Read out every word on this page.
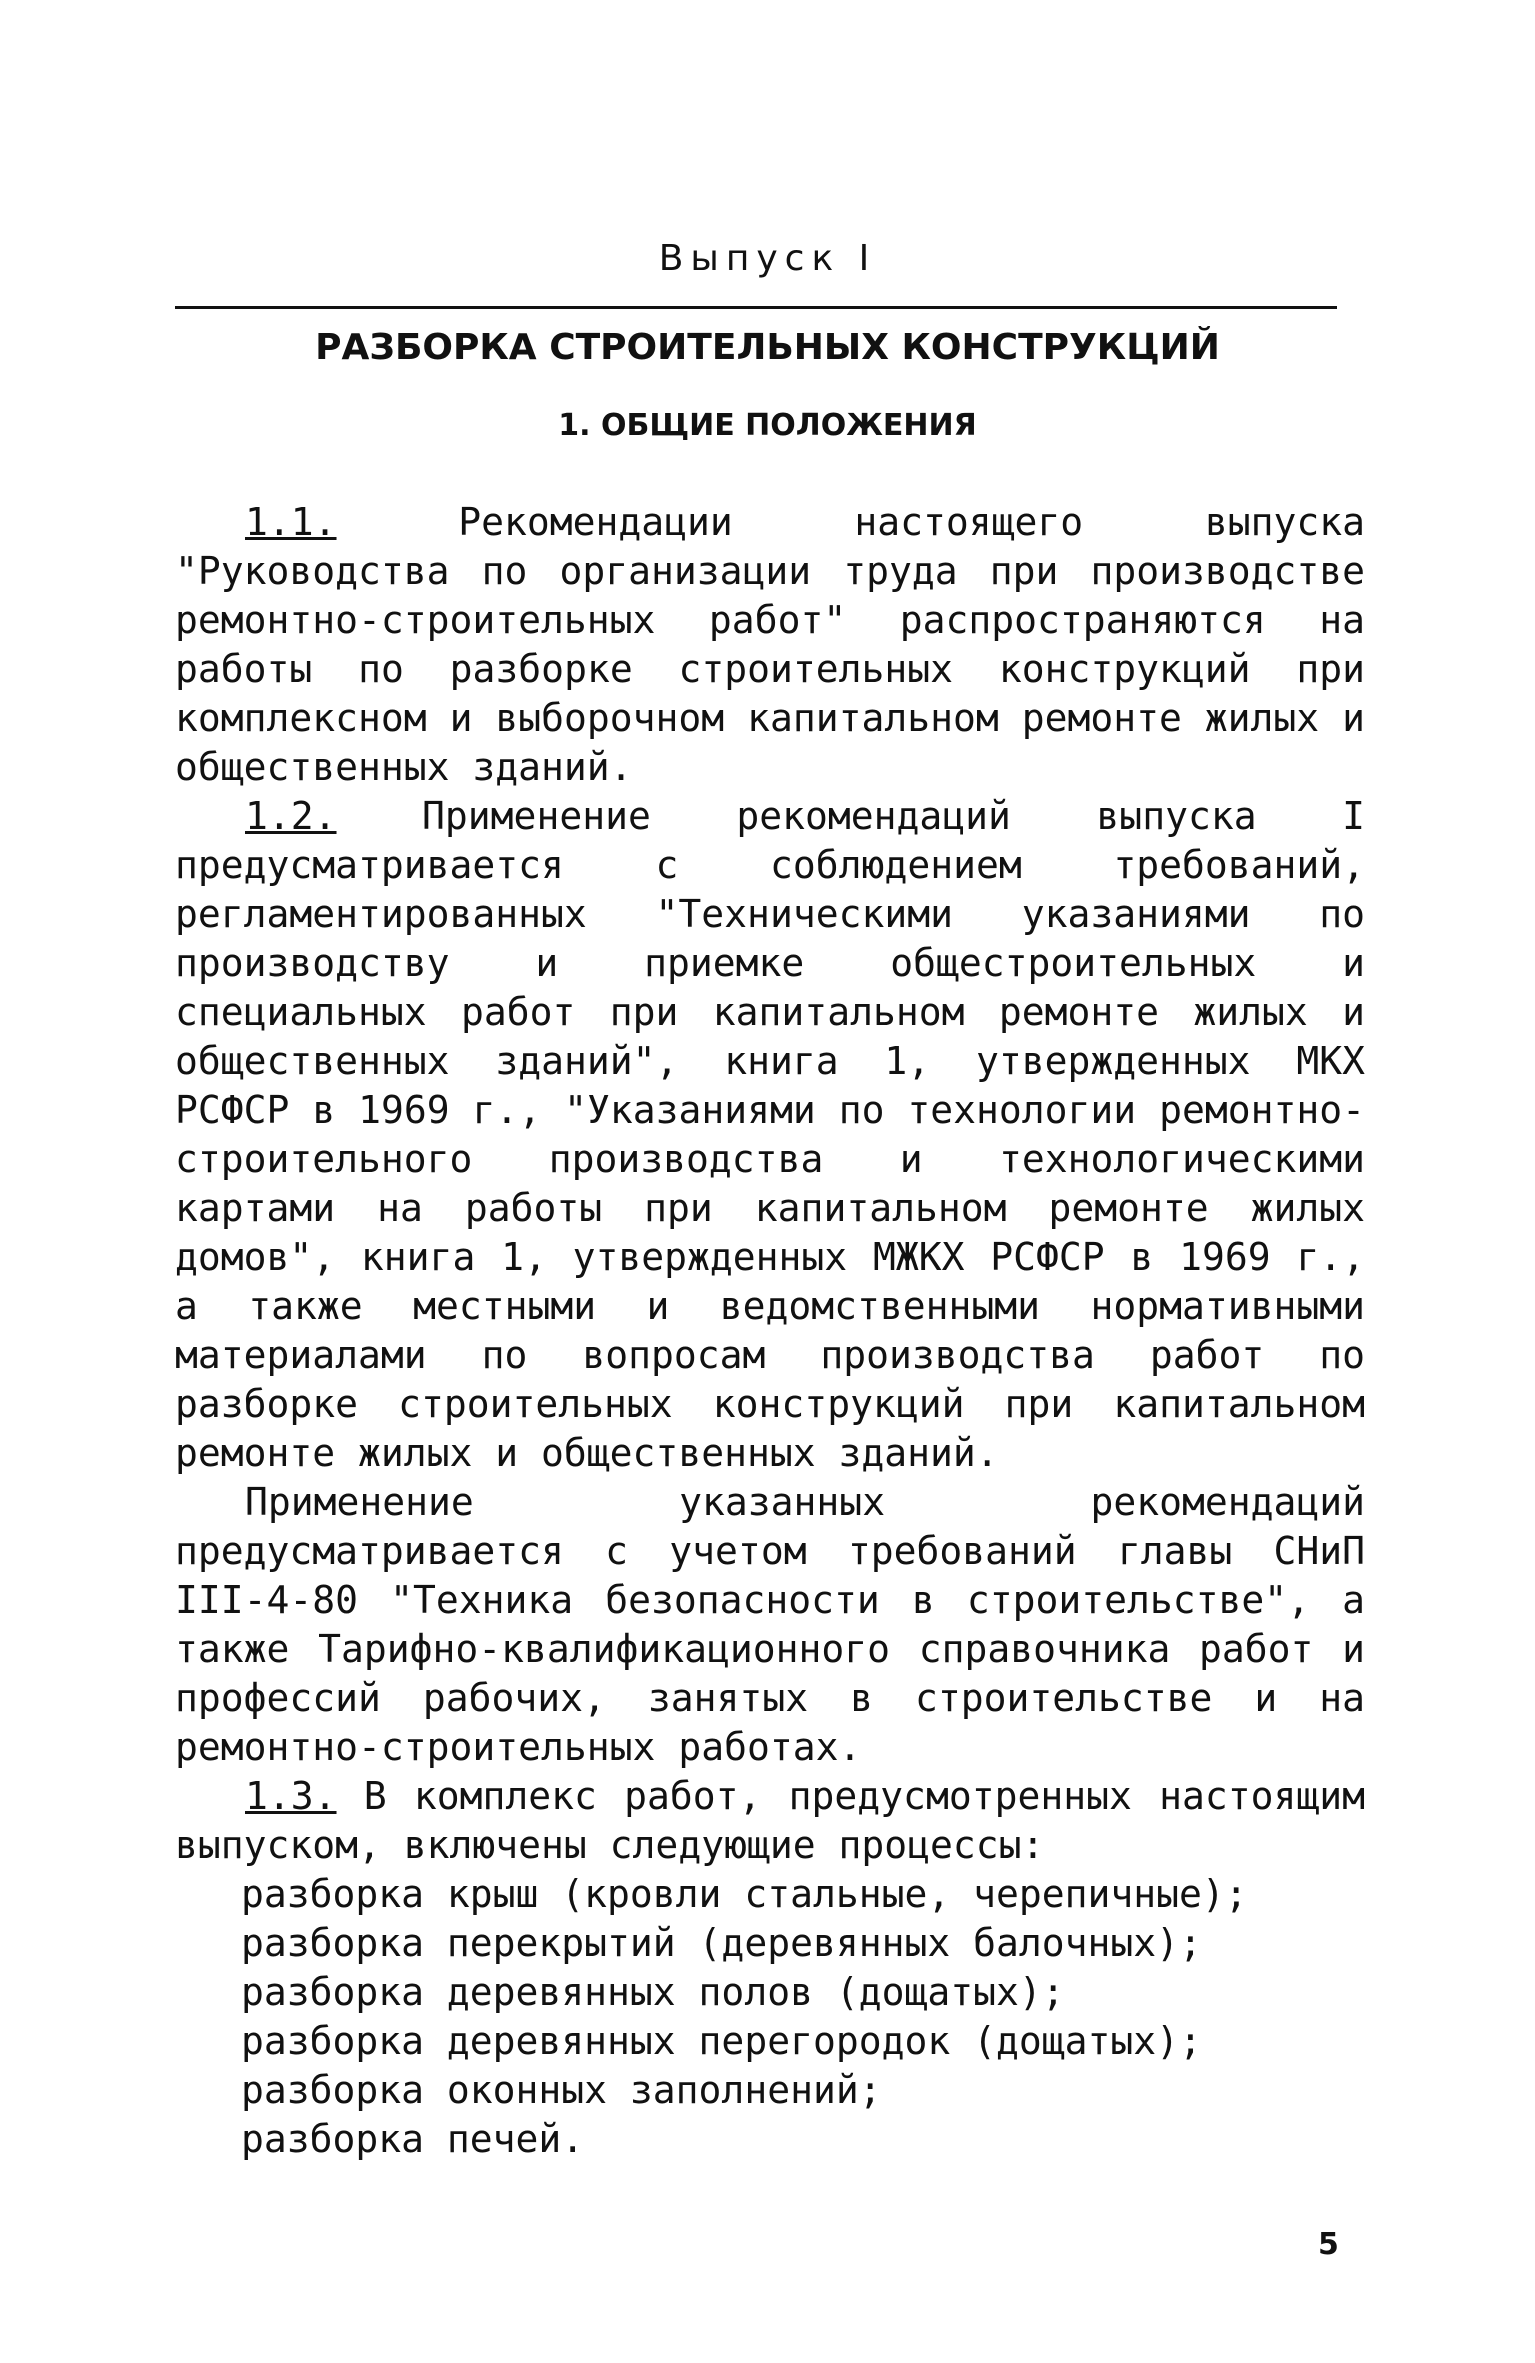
Выпуск I
РАЗБОРКА СТРОИТЕЛЬНЫХ КОНСТРУКЦИЙ
1. ОБЩИЕ ПОЛОЖЕНИЯ

1.1. Рекомендации настоящего выпуска "Руководства по организации труда при производстве ремонтно-строительных работ" распространяются на работы по разборке строительных конструкций при комплексном и выборочном капитальном ремонте жилых и общественных зданий.

1.2. Применение рекомендаций выпуска I предусматривается с соблюдением требований, регламентированных "Техническими указаниями по производству и приемке общестроительных и специальных работ при капитальном ремонте жилых и общественных зданий", книга 1, утвержденных МКХ РСФСР в 1969 г., "Указаниями по технологии ремонтно-строительного производства и технологическими картами на работы при капитальном ремонте жилых домов", книга 1, утвержденных МЖКХ РСФСР в 1969 г., а также местными и ведомственными нормативными материалами по вопросам производства работ по разборке строительных конструкций при капитальном ремонте жилых и общественных зданий.

Применение указанных рекомендаций предусматривается с учетом требований главы СНиП III-4-80 "Техника безопасности в строительстве", а также Тарифно-квалификационного справочника работ и профессий рабочих, занятых в строительстве и на ремонтно-строительных работах.

1.3. В комплекс работ, предусмотренных настоящим выпуском, включены следующие процессы:

разборка крыш (кровли стальные, черепичные);
разборка перекрытий (деревянных балочных);
разборка деревянных полов (дощатых);
разборка деревянных перегородок (дощатых);
разборка оконных заполнений;
разборка печей.
5
